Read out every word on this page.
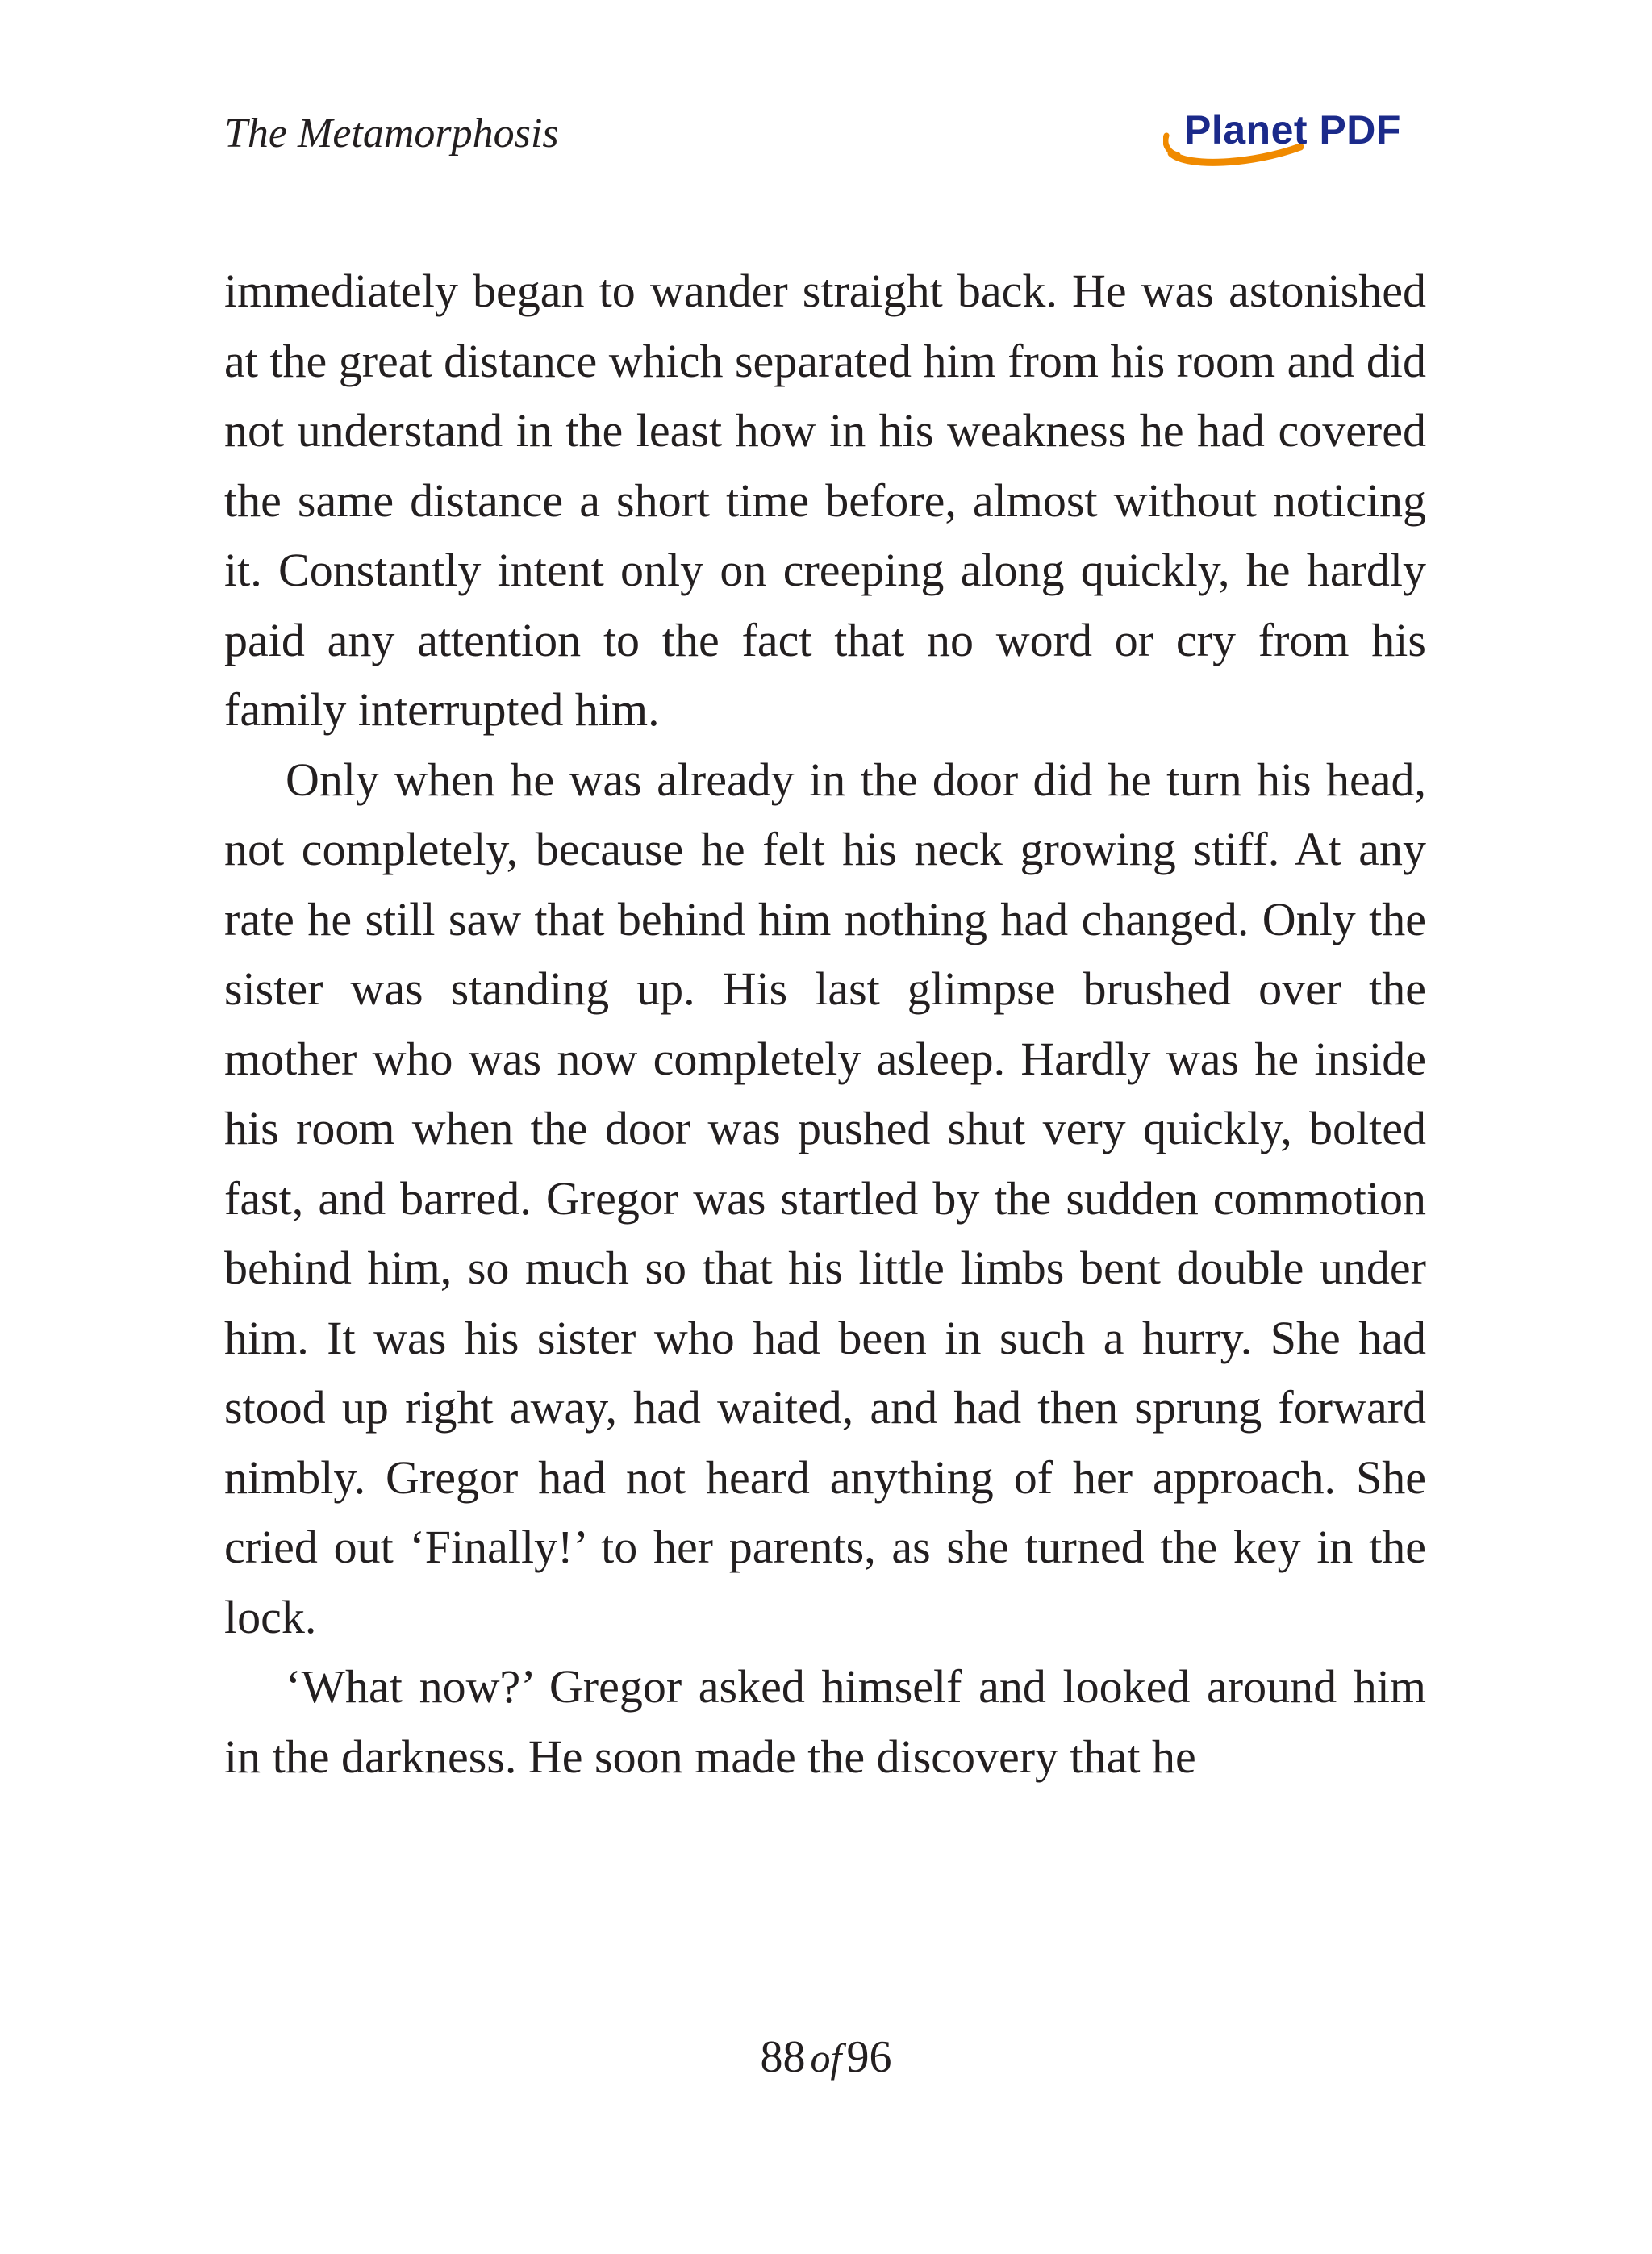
The Metamorphosis	Planet PDF

immediately began to wander straight back. He was astonished at the great distance which separated him from his room and did not understand in the least how in his weakness he had covered the same distance a short time before, almost without noticing it. Constantly intent only on creeping along quickly, he hardly paid any attention to the fact that no word or cry from his family interrupted him.

Only when he was already in the door did he turn his head, not completely, because he felt his neck growing stiff. At any rate he still saw that behind him nothing had changed. Only the sister was standing up. His last glimpse brushed over the mother who was now completely asleep. Hardly was he inside his room when the door was pushed shut very quickly, bolted fast, and barred. Gregor was startled by the sudden commotion behind him, so much so that his little limbs bent double under him. It was his sister who had been in such a hurry. She had stood up right away, had waited, and had then sprung forward nimbly. Gregor had not heard anything of her approach. She cried out ‘Finally!’ to her parents, as she turned the key in the lock.

‘What now?’ Gregor asked himself and looked around him in the darkness. He soon made the discovery that he

88 of 96
